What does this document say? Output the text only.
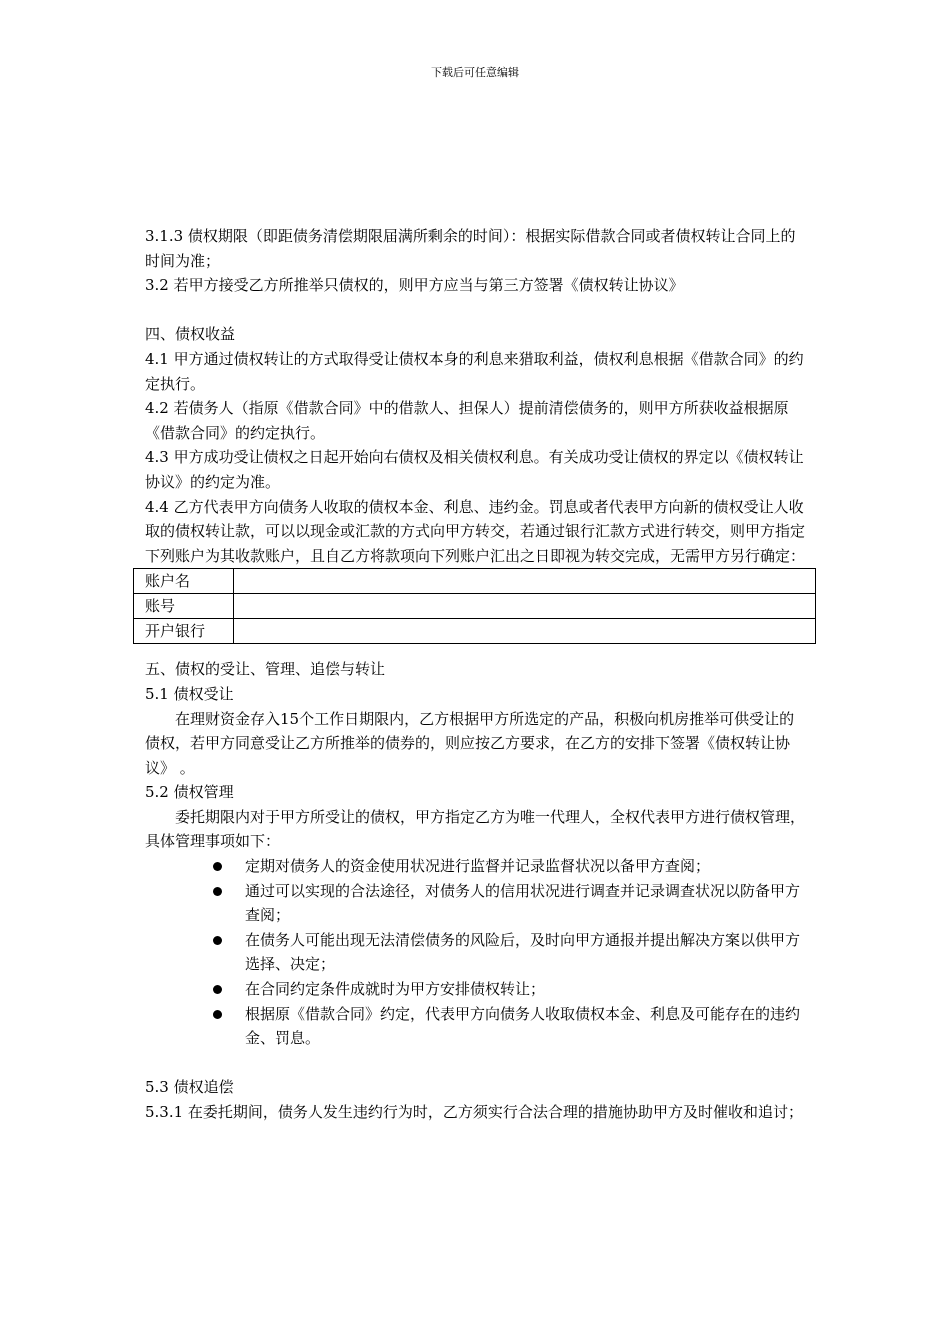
下载后可任意编辑

3.1.3 债权期限（即距债务清偿期限届满所剩余的时间）：根据实际借款合同或者债权转让合同上的时间为准；

3.2 若甲方接受乙方所推举只债权的，则甲方应当与第三方签署《债权转让协议》

四、债权收益

4.1 甲方通过债权转让的方式取得受让债权本身的利息来猎取利益，债权利息根据《借款合同》的约定执行。

4.2 若债务人（指原《借款合同》中的借款人、担保人）提前清偿债务的，则甲方所获收益根据原《借款合同》的约定执行。

4.3 甲方成功受让债权之日起开始向右债权及相关债权利息。有关成功受让债权的界定以《债权转让协议》的约定为准。

4.4 乙方代表甲方向债务人收取的债权本金、利息、违约金。罚息或者代表甲方向新的债权受让人收取的债权转让款，可以以现金或汇款的方式向甲方转交，若通过银行汇款方式进行转交，则甲方指定下列账户为其收款账户，且自乙方将款项向下列账户汇出之日即视为转交完成，无需甲方另行确定：

账户名	
账号	
开户银行	

五、债权的受让、管理、追偿与转让

5.1 债权受让

在理财资金存入15个工作日期限内，乙方根据甲方所选定的产品，积极向机房推举可供受让的债权，若甲方同意受让乙方所推举的债券的，则应按乙方要求，在乙方的安排下签署《债权转让协议》 。

5.2 债权管理

委托期限内对于甲方所受让的债权，甲方指定乙方为唯一代理人，全权代表甲方进行债权管理，具体管理事项如下：

定期对债务人的资金使用状况进行监督并记录监督状况以备甲方查阅；
通过可以实现的合法途径，对债务人的信用状况进行调查并记录调查状况以防备甲方查阅；
在债务人可能出现无法清偿债务的风险后，及时向甲方通报并提出解决方案以供甲方选择、决定；
在合同约定条件成就时为甲方安排债权转让；
根据原《借款合同》约定，代表甲方向债务人收取债权本金、利息及可能存在的违约金、罚息。

5.3 债权追偿

5.3.1 在委托期间，债务人发生违约行为时，乙方须实行合法合理的措施协助甲方及时催收和追讨；
